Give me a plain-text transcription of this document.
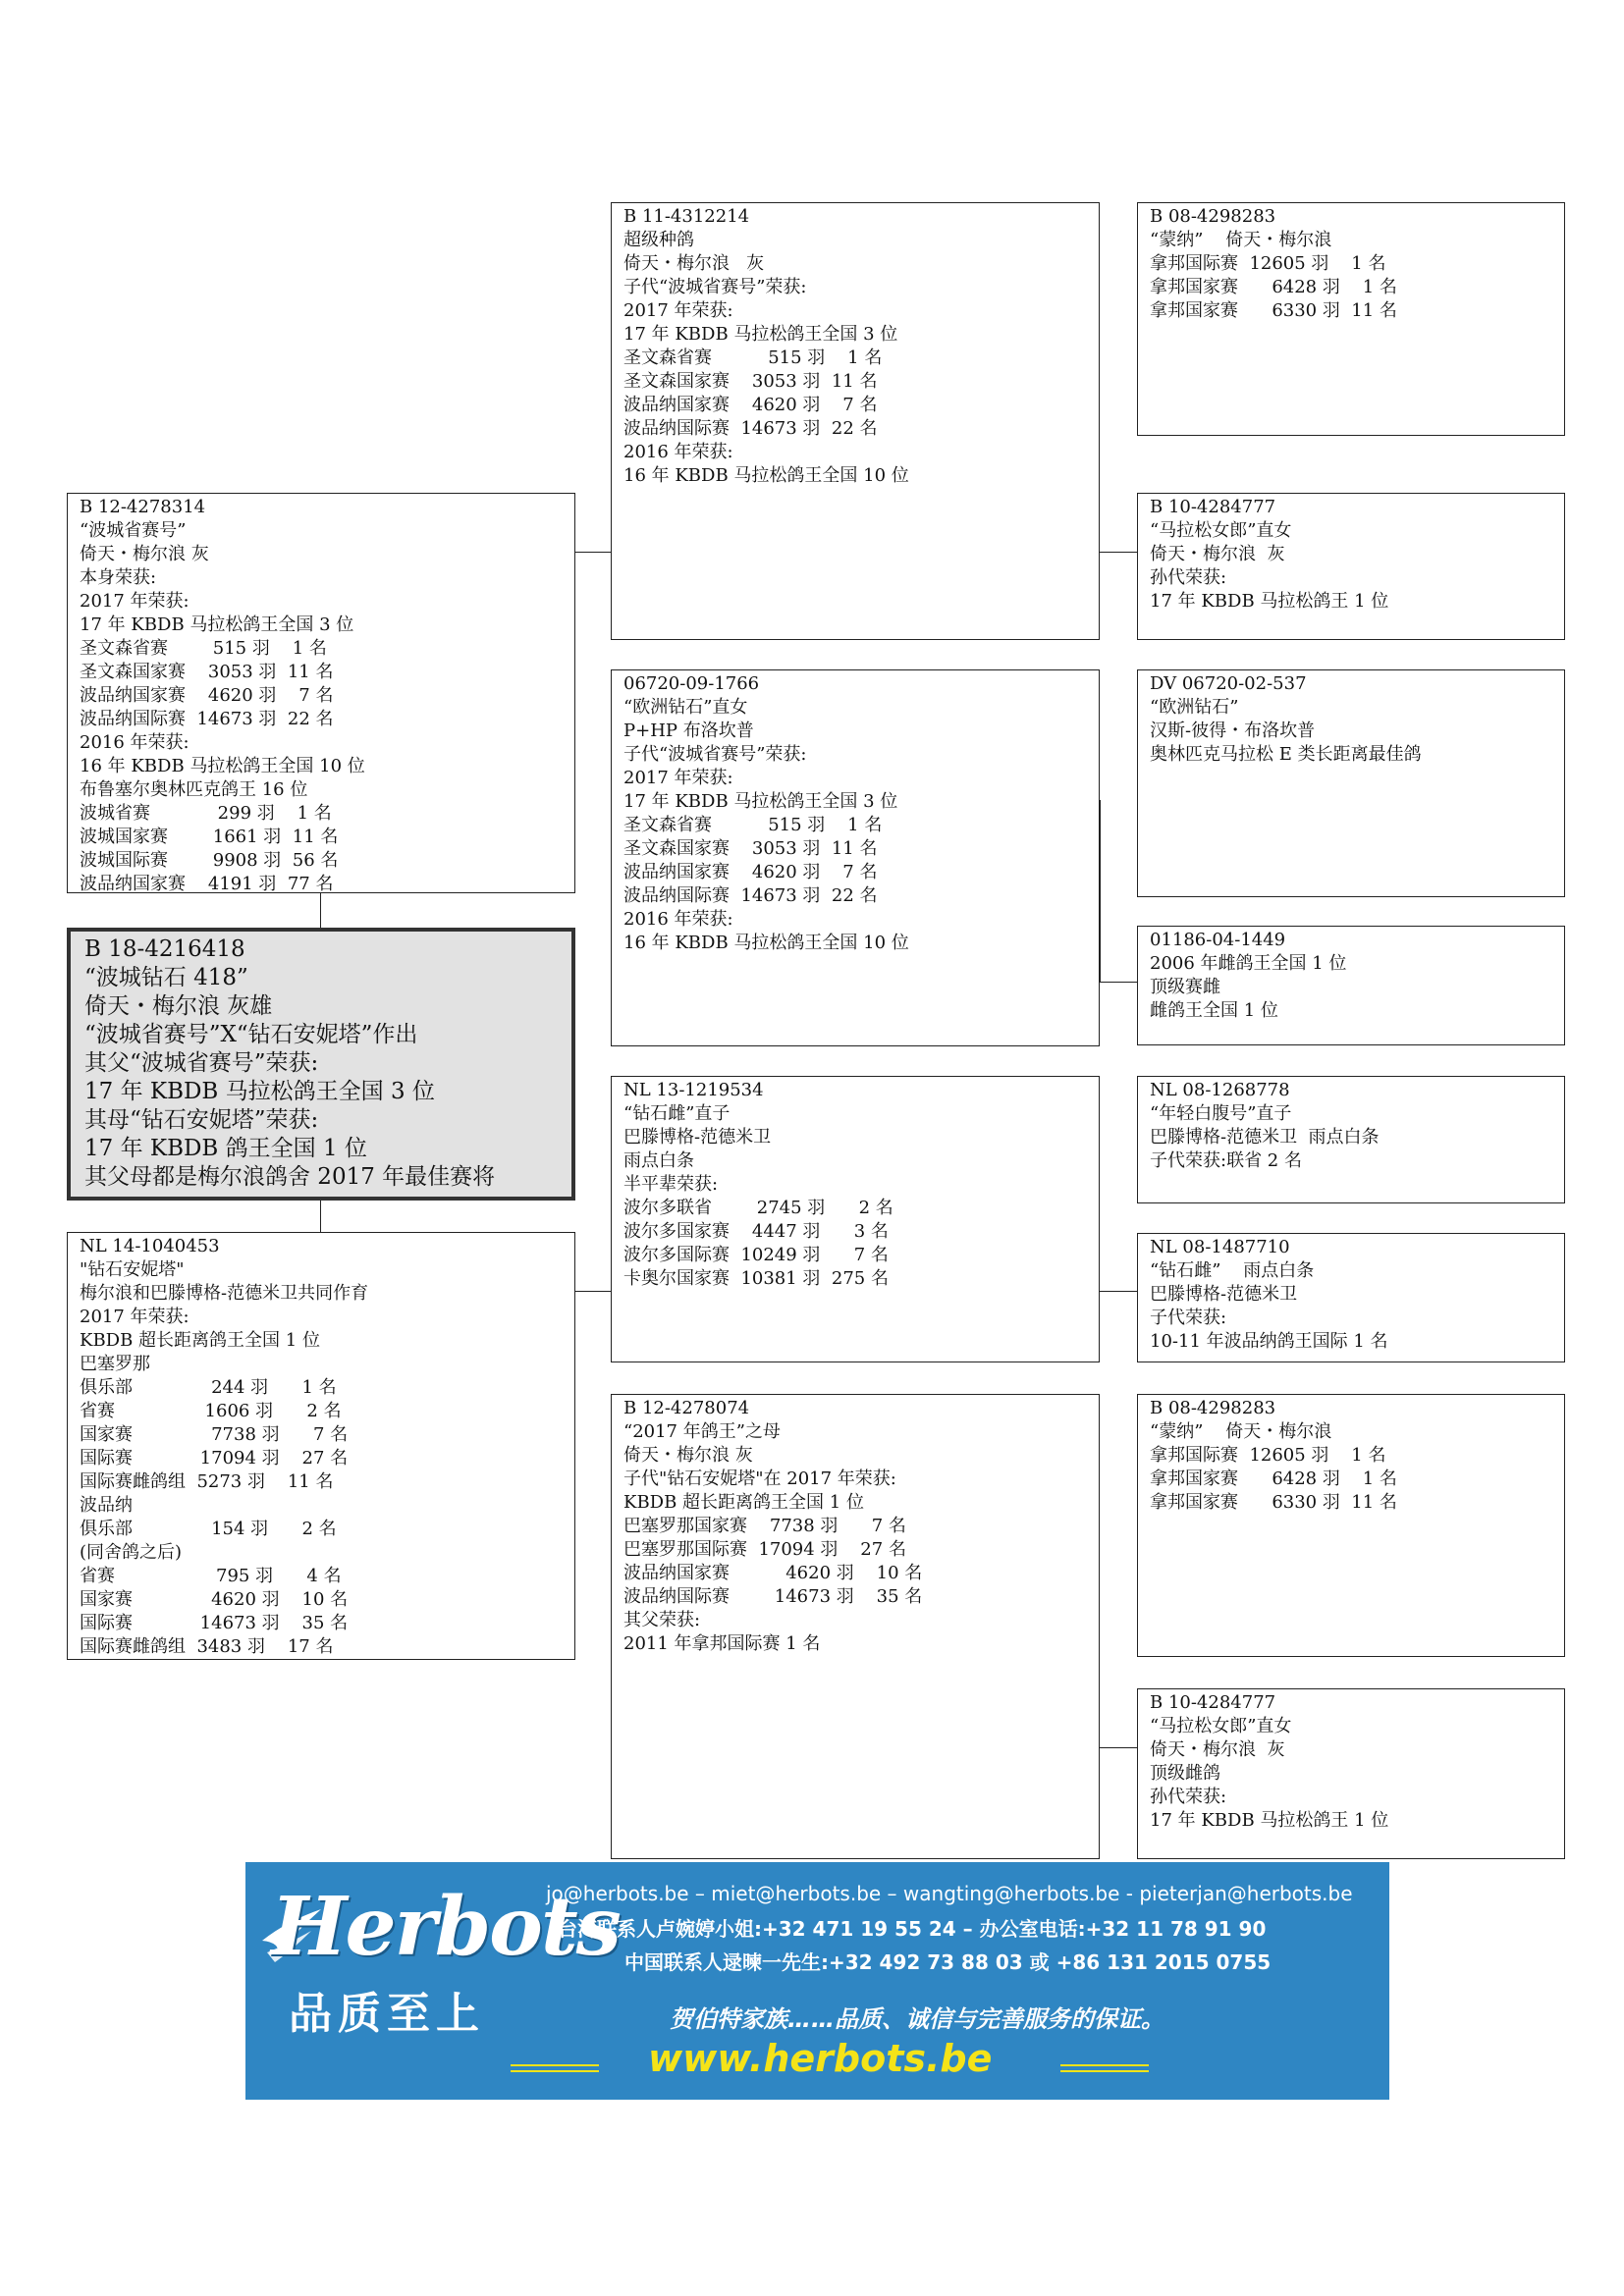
B 18-4216418
“波城钻石 418”
倚天・梅尔浪 灰雄
“波城省赛号”X“钻石安妮塔”作出
其父“波城省赛号”荣获:
17 年 KBDB 马拉松鸽王全国 3 位
其母“钻石安妮塔”荣获:
17 年 KBDB 鸽王全国 1 位
其父母都是梅尔浪鸽舍 2017 年最佳赛将
B 12-4278314
“波城省赛号”
倚天・梅尔浪 灰
本身荣获:
2017 年荣获:
17 年 KBDB 马拉松鸽王全国 3 位
圣文森省赛        515 羽    1 名
圣文森国家赛    3053 羽  11 名
波品纳国家赛    4620 羽    7 名
波品纳国际赛  14673 羽  22 名
2016 年荣获:
16 年 KBDB 马拉松鸽王全国 10 位
布鲁塞尔奥林匹克鸽王 16 位
波城省赛            299 羽    1 名
波城国家赛        1661 羽  11 名
波城国际赛        9908 羽  56 名
波品纳国家赛    4191 羽  77 名
NL 14-1040453
"钻石安妮塔"
梅尔浪和巴滕博格-范德米卫共同作育
2017 年荣获:
KBDB 超长距离鸽王全国 1 位
巴塞罗那
俱乐部              244 羽      1 名
省赛                1606 羽      2 名
国家赛              7738 羽      7 名
国际赛            17094 羽    27 名
国际赛雌鸽组  5273 羽    11 名
波品纳
俱乐部              154 羽      2 名
(同舍鸽之后)
省赛                  795 羽      4 名
国家赛              4620 羽    10 名
国际赛            14673 羽    35 名
国际赛雌鸽组  3483 羽    17 名
B 11-4312214
超级种鸽
倚天・梅尔浪   灰
子代“波城省赛号”荣获:
2017 年荣获:
17 年 KBDB 马拉松鸽王全国 3 位
圣文森省赛          515 羽    1 名
圣文森国家赛    3053 羽  11 名
波品纳国家赛    4620 羽    7 名
波品纳国际赛  14673 羽  22 名
2016 年荣获:
16 年 KBDB 马拉松鸽王全国 10 位
06720-09-1766
“欧洲钻石”直女
P+HP 布洛坎普
子代“波城省赛号”荣获:
2017 年荣获:
17 年 KBDB 马拉松鸽王全国 3 位
圣文森省赛          515 羽    1 名
圣文森国家赛    3053 羽  11 名
波品纳国家赛    4620 羽    7 名
波品纳国际赛  14673 羽  22 名
2016 年荣获:
16 年 KBDB 马拉松鸽王全国 10 位
NL 13-1219534
“钻石雌”直子
巴滕博格-范德米卫
雨点白条
半平辈荣获:
波尔多联省        2745 羽      2 名
波尔多国家赛    4447 羽      3 名
波尔多国际赛  10249 羽      7 名
卡奥尔国家赛  10381 羽  275 名
B 12-4278074
“2017 年鸽王”之母
倚天・梅尔浪 灰
子代"钻石安妮塔"在 2017 年荣获:
KBDB 超长距离鸽王全国 1 位
巴塞罗那国家赛    7738 羽      7 名
巴塞罗那国际赛  17094 羽    27 名
波品纳国家赛          4620 羽    10 名
波品纳国际赛        14673 羽    35 名
其父荣获:
2011 年拿邦国际赛 1 名
B 08-4298283
“蒙纳”    倚天・梅尔浪
拿邦国际赛  12605 羽    1 名
拿邦国家赛      6428 羽    1 名
拿邦国家赛      6330 羽  11 名
B 10-4284777
“马拉松女郎”直女
倚天・梅尔浪  灰
孙代荣获:
17 年 KBDB 马拉松鸽王 1 位
DV 06720-02-537
“欧洲钻石”
汉斯-彼得・布洛坎普
奥林匹克马拉松 E 类长距离最佳鸽
01186-04-1449
2006 年雌鸽王全国 1 位
顶级赛雌
雌鸽王全国 1 位
NL 08-1268778
“年轻白腹号”直子
巴滕博格-范德米卫  雨点白条
子代荣获:联省 2 名
NL 08-1487710
“钻石雌”    雨点白条
巴滕博格-范德米卫
子代荣获:
10-11 年波品纳鸽王国际 1 名
B 08-4298283
“蒙纳”    倚天・梅尔浪
拿邦国际赛  12605 羽    1 名
拿邦国家赛      6428 羽    1 名
拿邦国家赛      6330 羽  11 名
B 10-4284777
“马拉松女郎”直女
倚天・梅尔浪  灰
顶级雌鸽
孙代荣获:
17 年 KBDB 马拉松鸽王 1 位
Herbots
品质至上
jo@herbots.be – miet@herbots.be – wangting@herbots.be - pieterjan@herbots.be
台湾联系人卢婉婷小姐:+32 471 19 55 24 – 办公室电话:+32 11 78 91 90
中国联系人逯暕一先生:+32 492 73 88 03 或 +86 131 2015 0755
贺伯特家族……品质、诚信与完善服务的保证。
www.herbots.be
